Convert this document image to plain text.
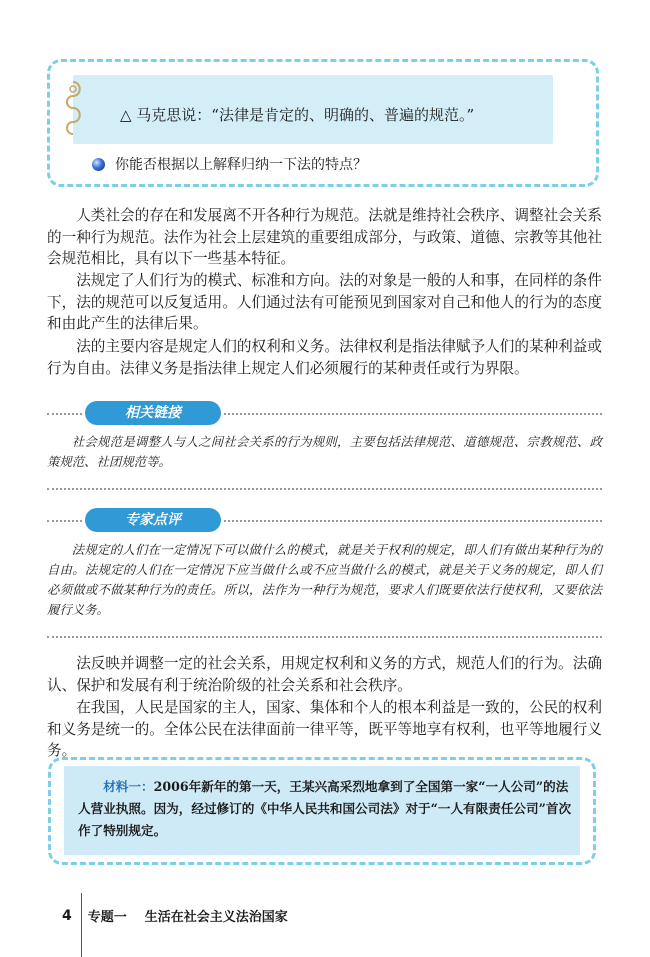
△ 马克思说：“法律是肯定的、明确的、普遍的规范。”
你能否根据以上解释归纳一下法的特点？
人类社会的存在和发展离不开各种行为规范。法就是维持社会秩序、调整社会关系的一种行为规范。法作为社会上层建筑的重要组成部分，与政策、道德、宗教等其他社会规范相比，具有以下一些基本特征。
法规定了人们行为的模式、标准和方向。法的对象是一般的人和事，在同样的条件下，法的规范可以反复适用。人们通过法有可能预见到国家对自己和他人的行为的态度和由此产生的法律后果。
法的主要内容是规定人们的权利和义务。法律权利是指法律赋予人们的某种利益或行为自由。法律义务是指法律上规定人们必须履行的某种责任或行为界限。
相关链接
社会规范是调整人与人之间社会关系的行为规则，主要包括法律规范、道德规范、宗教规范、政策规范、社团规范等。
专家点评
法规定的人们在一定情况下可以做什么的模式，就是关于权利的规定，即人们有做出某种行为的自由。法规定的人们在一定情况下应当做什么或不应当做什么的模式，就是关于义务的规定，即人们必须做或不做某种行为的责任。所以，法作为一种行为规范，要求人们既要依法行使权利，又要依法履行义务。
法反映并调整一定的社会关系，用规定权利和义务的方式，规范人们的行为。法确认、保护和发展有利于统治阶级的社会关系和社会秩序。
在我国，人民是国家的主人，国家、集体和个人的根本利益是一致的，公民的权利和义务是统一的。全体公民在法律面前一律平等，既平等地享有权利，也平等地履行义务。
材料一：2006年新年的第一天，王某兴高采烈地拿到了全国第一家“一人公司”的法人营业执照。因为，经过修订的《中华人民共和国公司法》对于“一人有限责任公司”首次作了特别规定。
4 专题一 生活在社会主义法治国家
